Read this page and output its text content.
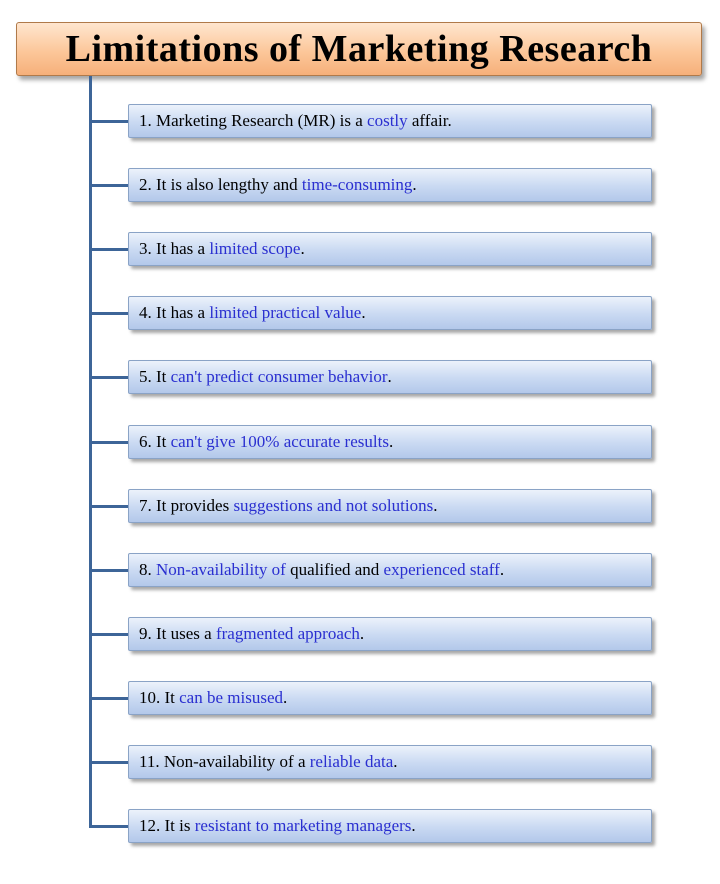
Limitations of Marketing Research
1. Marketing Research (MR) is a costly affair.
2. It is also lengthy and time-consuming .
3. It has a limited scope .
4. It has a limited practical value .
5. It can't predict consumer behavior .
6. It can't give 100% accurate results .
7. It provides suggestions and not solutions .
8. Non-availability of qualified and experienced staff .
9. It uses a fragmented approach .
10. It can be misused .
11. Non-availability of a reliable data .
12. It is resistant to marketing managers .
